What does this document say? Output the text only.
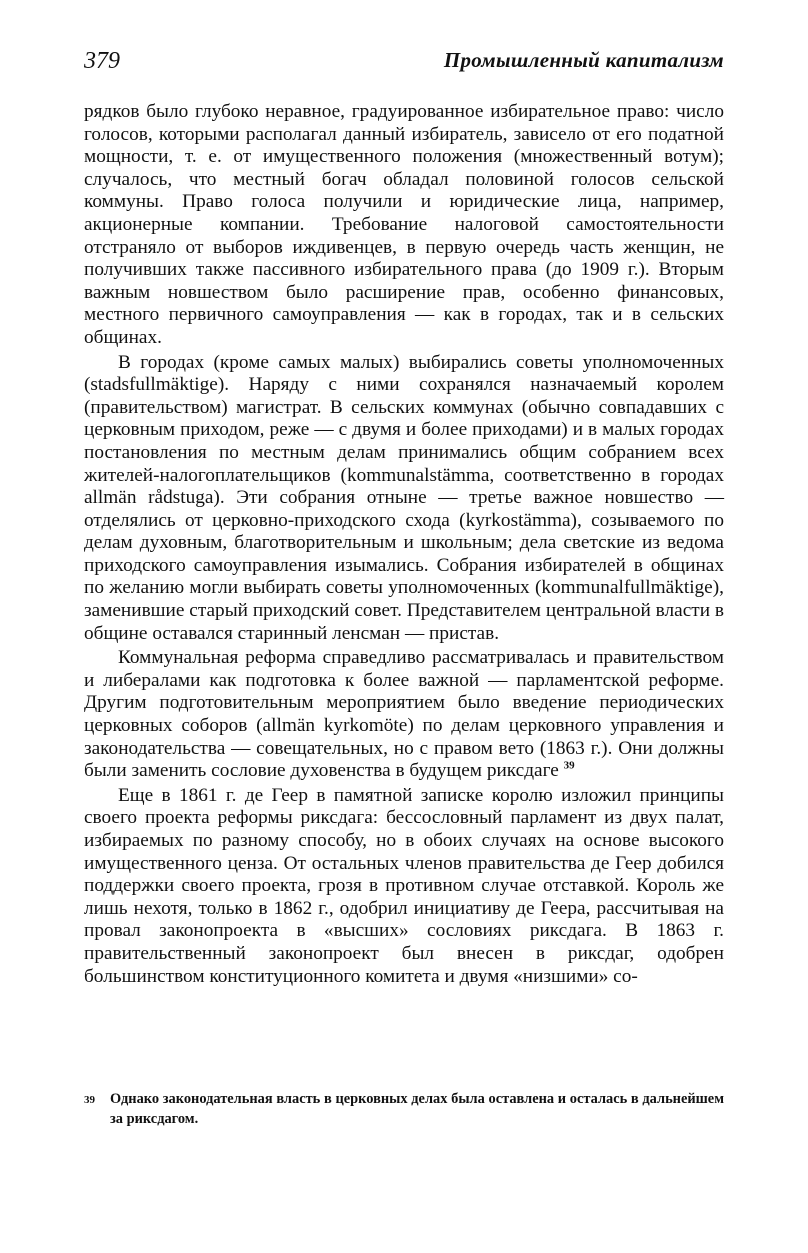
379	Промышленный капитализм

рядков было глубоко неравное, градуированное избирательное право: число голосов, которыми располагал данный избиратель, зависело от его податной мощности, т. е. от имущественного положения (множественный вотум); случалось, что местный богач обладал половиной голосов сельской коммуны. Право голоса получили и юридические лица, например, акционерные компании. Требование налоговой самостоятельности отстраняло от выборов иждивенцев, в первую очередь часть женщин, не получивших также пассивного избирательного права (до 1909 г.). Вторым важным новшеством было расширение прав, особенно финансовых, местного первичного самоуправления — как в городах, так и в сельских общинах.

В городах (кроме самых малых) выбирались советы уполномоченных (stadsfullmäktige). Наряду с ними сохранялся назначаемый королем (правительством) магистрат. В сельских коммунах (обычно совпадавших с церковным приходом, реже — с двумя и более приходами) и в малых городах постановления по местным делам принимались общим собранием всех жителей-налогоплательщиков (kommunalstämma, соответственно в городах allmän rådstuga). Эти собрания отныне — третье важное новшество — отделялись от церковно-приходского схода (kyrkostämma), созываемого по делам духовным, благотворительным и школьным; дела светские из ведома приходского самоуправления изымались. Собрания избирателей в общинах по желанию могли выбирать советы уполномоченных (kommunalfullmäktige), заменившие старый приходский совет. Представителем центральной власти в общине оставался старинный ленсман — пристав.

Коммунальная реформа справедливо рассматривалась и правительством и либералами как подготовка к более важной — парламентской реформе. Другим подготовительным мероприятием было введение периодических церковных соборов (allmän kyrkomöte) по делам церковного управления и законодательства — совещательных, но с правом вето (1863 г.). Они должны были заменить сословие духовенства в будущем риксдаге $^{39}$

Еще в 1861 г. де Геер в памятной записке королю изложил принципы своего проекта реформы риксдага: бессословный парламент из двух палат, избираемых по разному способу, но в обоих случаях на основе высокого имущественного ценза. От остальных членов правительства де Геер добился поддержки своего проекта, грозя в противном случае отставкой. Король же лишь нехотя, только в 1862 г., одобрил инициативу де Геера, рассчитывая на провал законопроекта в «высших» сословиях риксдага. В 1863 г. правительственный законопроект был внесен в риксдаг, одобрен большинством конституционного комитета и двумя «низшими» со-

39	Однако законодательная власть в церковных делах была оставлена и осталась в дальнейшем за риксдагом.
